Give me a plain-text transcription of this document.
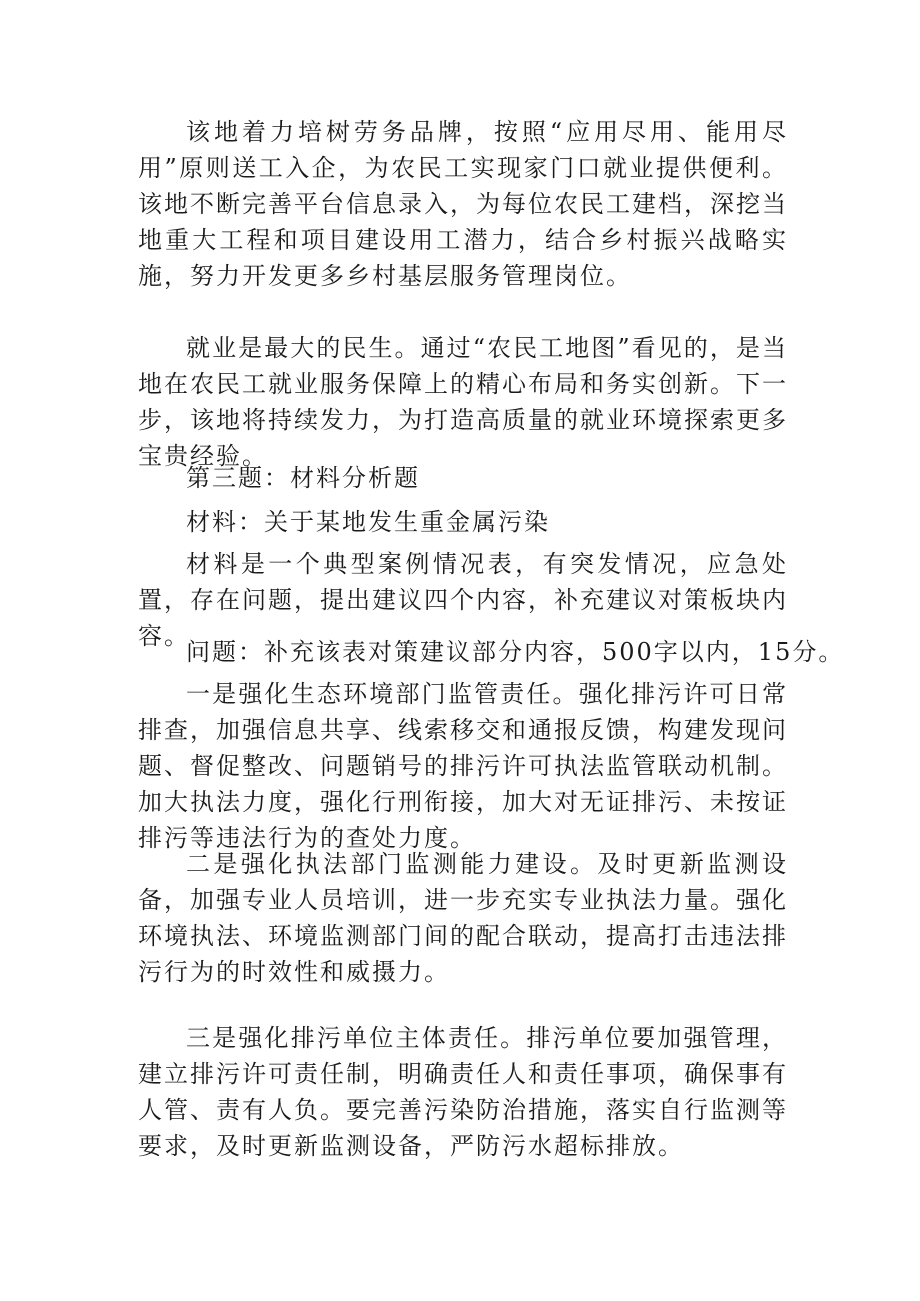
该地着力培树劳务品牌，按照“应用尽用、能用尽用”原则送工入企，为农民工实现家门口就业提供便利。该地不断完善平台信息录入，为每位农民工建档，深挖当地重大工程和项目建设用工潜力，结合乡村振兴战略实施，努力开发更多乡村基层服务管理岗位。

就业是最大的民生。通过“农民工地图”看见的，是当地在农民工就业服务保障上的精心布局和务实创新。下一步，该地将持续发力，为打造高质量的就业环境探索更多宝贵经验。

第三题：材料分析题

材料：关于某地发生重金属污染

材料是一个典型案例情况表，有突发情况，应急处置，存在问题，提出建议四个内容，补充建议对策板块内容。

问题：补充该表对策建议部分内容，500字以内，15分。

一是强化生态环境部门监管责任。强化排污许可日常排查，加强信息共享、线索移交和通报反馈，构建发现问题、督促整改、问题销号的排污许可执法监管联动机制。加大执法力度，强化行刑衔接，加大对无证排污、未按证排污等违法行为的查处力度。

二是强化执法部门监测能力建设。及时更新监测设备，加强专业人员培训，进一步充实专业执法力量。强化环境执法、环境监测部门间的配合联动，提高打击违法排污行为的时效性和威摄力。

三是强化排污单位主体责任。排污单位要加强管理，建立排污许可责任制，明确责任人和责任事项，确保事有人管、责有人负。要完善污染防治措施，落实自行监测等要求，及时更新监测设备，严防污水超标排放。
